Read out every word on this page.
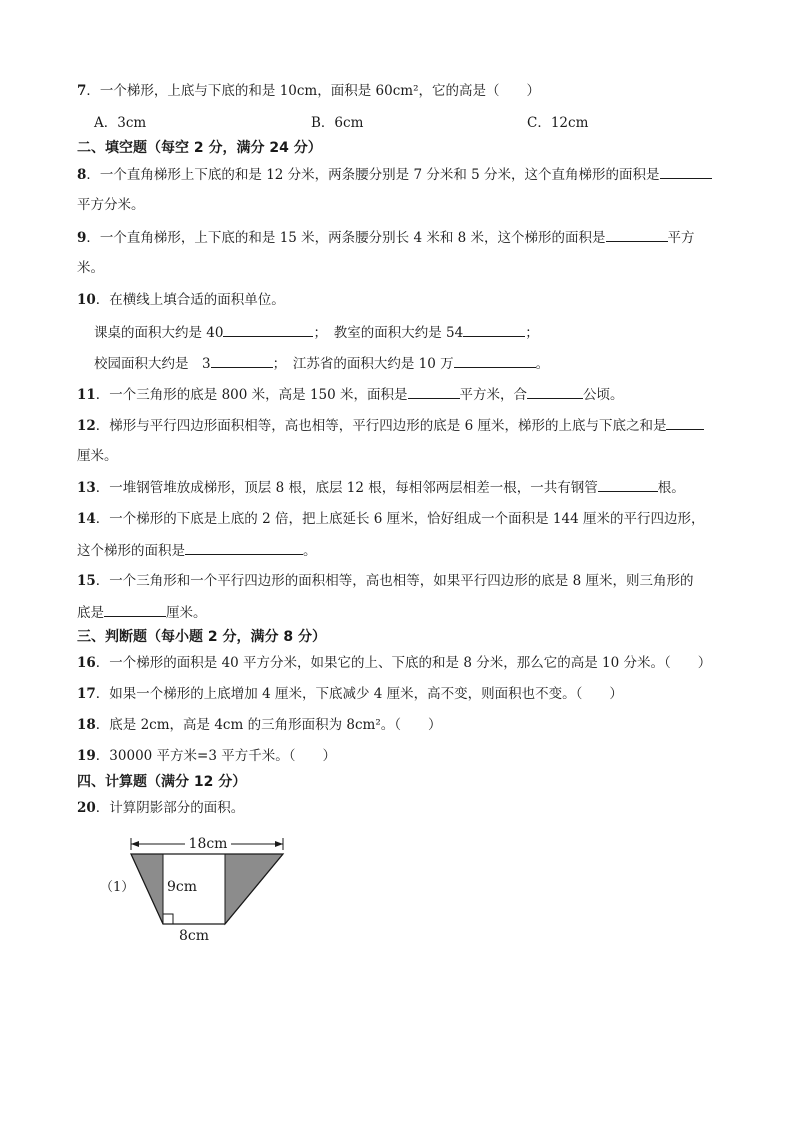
7．一个梯形，上底与下底的和是 10cm，面积是 60cm²，它的高是（　　）
A．3cm	B．6cm	C．12cm
二、填空题（每空 2 分，满分 24 分）
8．一个直角梯形上下底的和是 12 分米，两条腰分别是 7 分米和 5 分米，这个直角梯形的面积是
平方分米。
9．一个直角梯形，上下底的和是 15 米，两条腰分别长 4 米和 8 米，这个梯形的面积是	平方
米。
10．在横线上填合适的面积单位。
课桌的面积大约是 40	；　教室的面积大约是 54	；
校园面积大约是　3	；　江苏省的面积大约是 10 万	。
11．一个三角形的底是 800 米，高是 150 米，面积是	平方米，合	公顷。
12．梯形与平行四边形面积相等，高也相等，平行四边形的底是 6 厘米，梯形的上底与下底之和是
厘米。
13．一堆钢管堆放成梯形，顶层 8 根，底层 12 根，每相邻两层相差一根，一共有钢管	根。
14．一个梯形的下底是上底的 2 倍，把上底延长 6 厘米，恰好组成一个面积是 144 厘米的平行四边形，
这个梯形的面积是	。
15．一个三角形和一个平行四边形的面积相等，高也相等，如果平行四边形的底是 8 厘米，则三角形的
底是	厘米。
三、判断题（每小题 2 分，满分 8 分）
16．一个梯形的面积是 40 平方分米，如果它的上、下底的和是 8 分米，那么它的高是 10 分米。（　　）
17．如果一个梯形的上底增加 4 厘米，下底减少 4 厘米，高不变，则面积也不变。（　　）
18．底是 2cm，高是 4cm 的三角形面积为 8cm²。（　　）
19．30000 平方米=3 平方千米。（　　）
四、计算题（满分 12 分）
20．计算阴影部分的面积。
（1）
18cm
9cm
8cm
